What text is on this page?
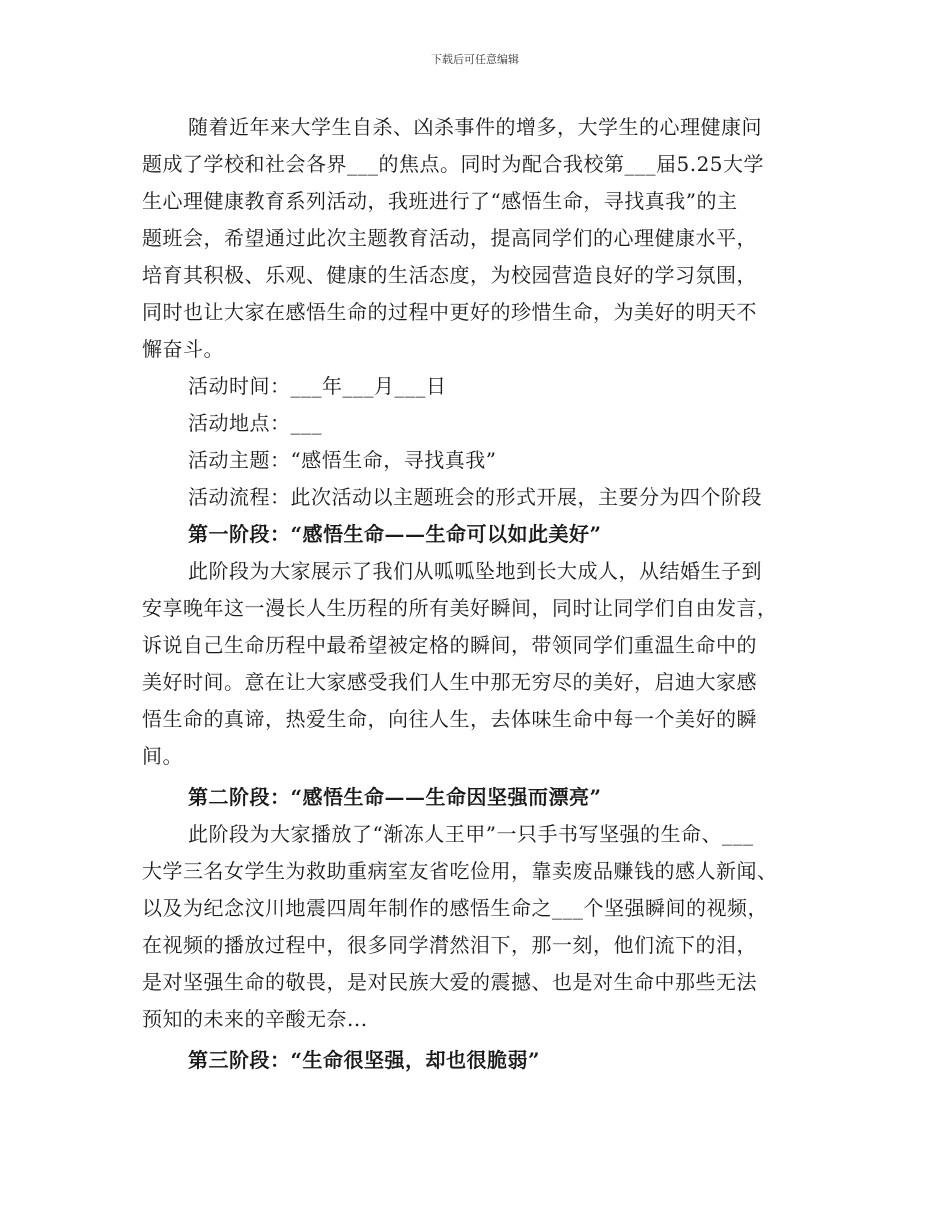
下载后可任意编辑
随着近年来大学生自杀、凶杀事件的增多，大学生的心理健康问
题成了学校和社会各界___的焦点。同时为配合我校第___届5.25大学
生心理健康教育系列活动，我班进行了“感悟生命，寻找真我”的主
题班会，希望通过此次主题教育活动，提高同学们的心理健康水平，
培育其积极、乐观、健康的生活态度，为校园营造良好的学习氛围，
同时也让大家在感悟生命的过程中更好的珍惜生命，为美好的明天不
懈奋斗。
活动时间：___年___月___日
活动地点：___
活动主题：“感悟生命，寻找真我”
活动流程：此次活动以主题班会的形式开展，主要分为四个阶段
第一阶段：“感悟生命——生命可以如此美好”
此阶段为大家展示了我们从呱呱坠地到长大成人，从结婚生子到
安享晚年这一漫长人生历程的所有美好瞬间，同时让同学们自由发言，
诉说自己生命历程中最希望被定格的瞬间，带领同学们重温生命中的
美好时间。意在让大家感受我们人生中那无穷尽的美好，启迪大家感
悟生命的真谛，热爱生命，向往人生，去体味生命中每一个美好的瞬
间。
第二阶段：“感悟生命——生命因坚强而漂亮”
此阶段为大家播放了“渐冻人王甲”一只手书写坚强的生命、___
大学三名女学生为救助重病室友省吃俭用，靠卖废品赚钱的感人新闻、
以及为纪念汶川地震四周年制作的感悟生命之___个坚强瞬间的视频，
在视频的播放过程中，很多同学潸然泪下，那一刻，他们流下的泪，
是对坚强生命的敬畏，是对民族大爱的震撼、也是对生命中那些无法
预知的未来的辛酸无奈...
第三阶段：“生命很坚强，却也很脆弱”
